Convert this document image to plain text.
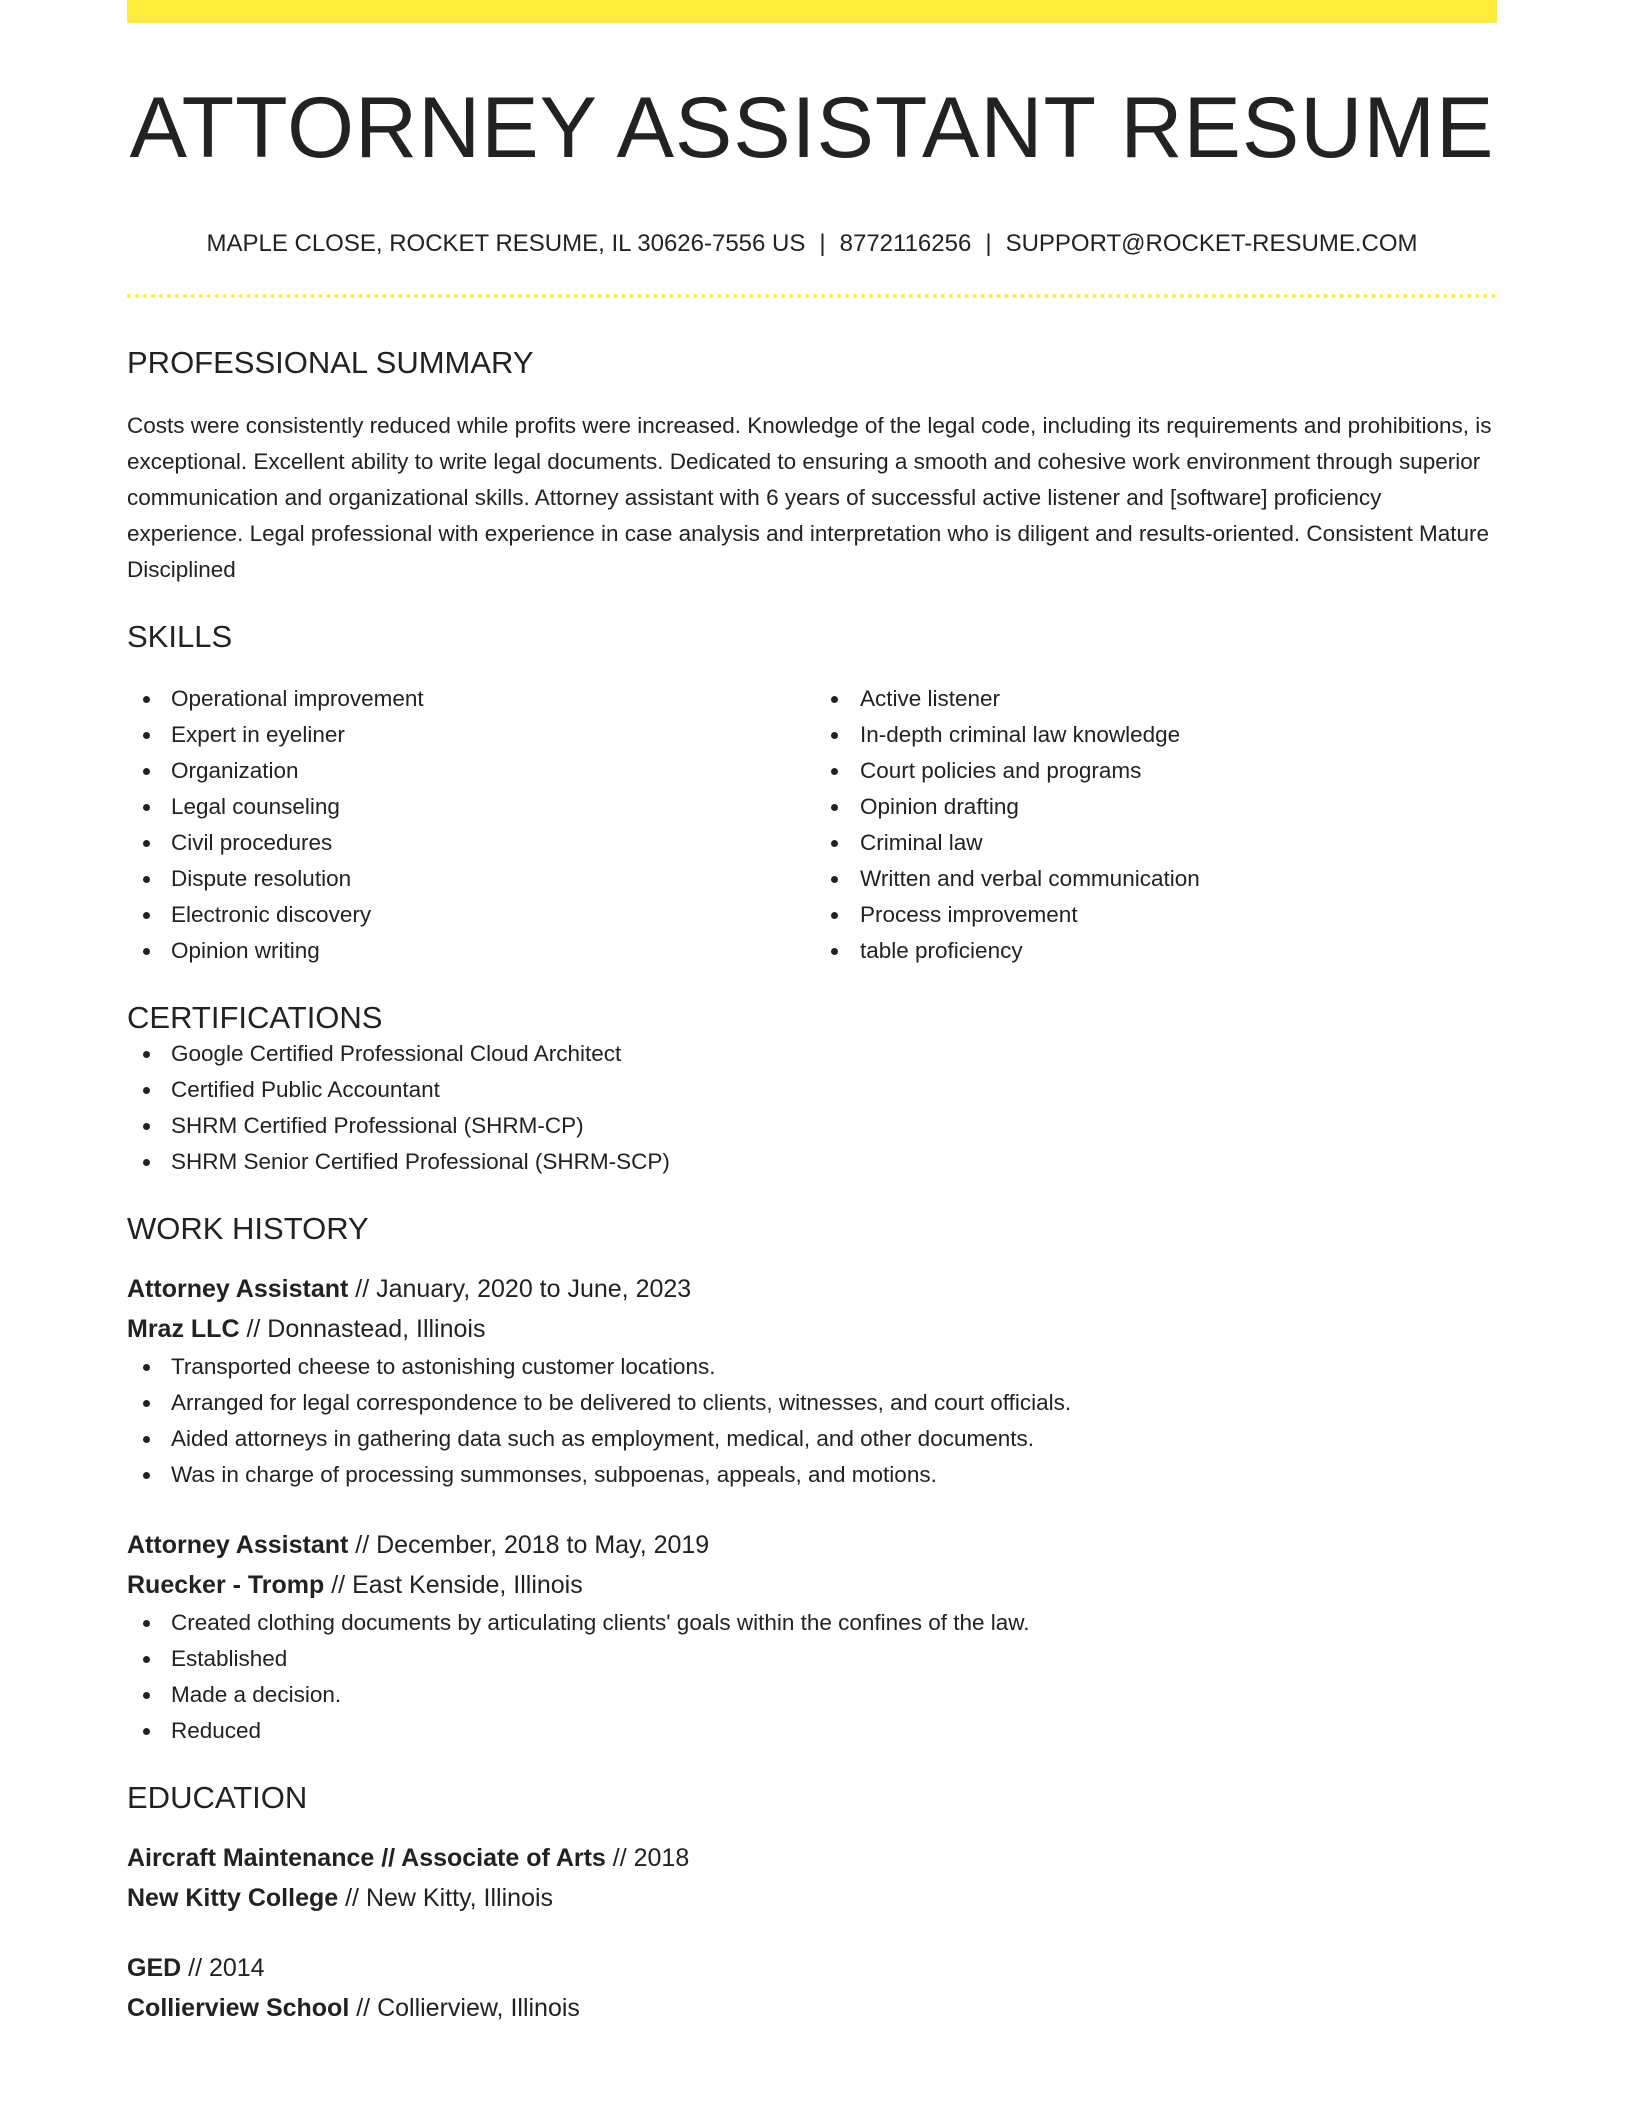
ATTORNEY ASSISTANT RESUME
MAPLE CLOSE, ROCKET RESUME, IL 30626-7556 US | 8772116256 | SUPPORT@ROCKET-RESUME.COM
PROFESSIONAL SUMMARY

Costs were consistently reduced while profits were increased. Knowledge of the legal code, including its requirements and prohibitions, is exceptional. Excellent ability to write legal documents. Dedicated to ensuring a smooth and cohesive work environment through superior communication and organizational skills. Attorney assistant with 6 years of successful active listener and [software] proficiency experience. Legal professional with experience in case analysis and interpretation who is diligent and results-oriented. Consistent Mature Disciplined

SKILLS
Operational improvement
Expert in eyeliner
Organization
Legal counseling
Civil procedures
Dispute resolution
Electronic discovery
Opinion writing
Active listener
In-depth criminal law knowledge
Court policies and programs
Opinion drafting
Criminal law
Written and verbal communication
Process improvement
table proficiency
CERTIFICATIONS
Google Certified Professional Cloud Architect
Certified Public Accountant
SHRM Certified Professional (SHRM-CP)
SHRM Senior Certified Professional (SHRM-SCP)
WORK HISTORY
Attorney Assistant // January, 2020 to June, 2023
Mraz LLC // Donnastead, Illinois
Transported cheese to astonishing customer locations.
Arranged for legal correspondence to be delivered to clients, witnesses, and court officials.
Aided attorneys in gathering data such as employment, medical, and other documents.
Was in charge of processing summonses, subpoenas, appeals, and motions.
Attorney Assistant // December, 2018 to May, 2019
Ruecker - Tromp // East Kenside, Illinois
Created clothing documents by articulating clients' goals within the confines of the law.
Established
Made a decision.
Reduced
EDUCATION
Aircraft Maintenance // Associate of Arts // 2018
New Kitty College // New Kitty, Illinois
GED // 2014
Collierview School // Collierview, Illinois
